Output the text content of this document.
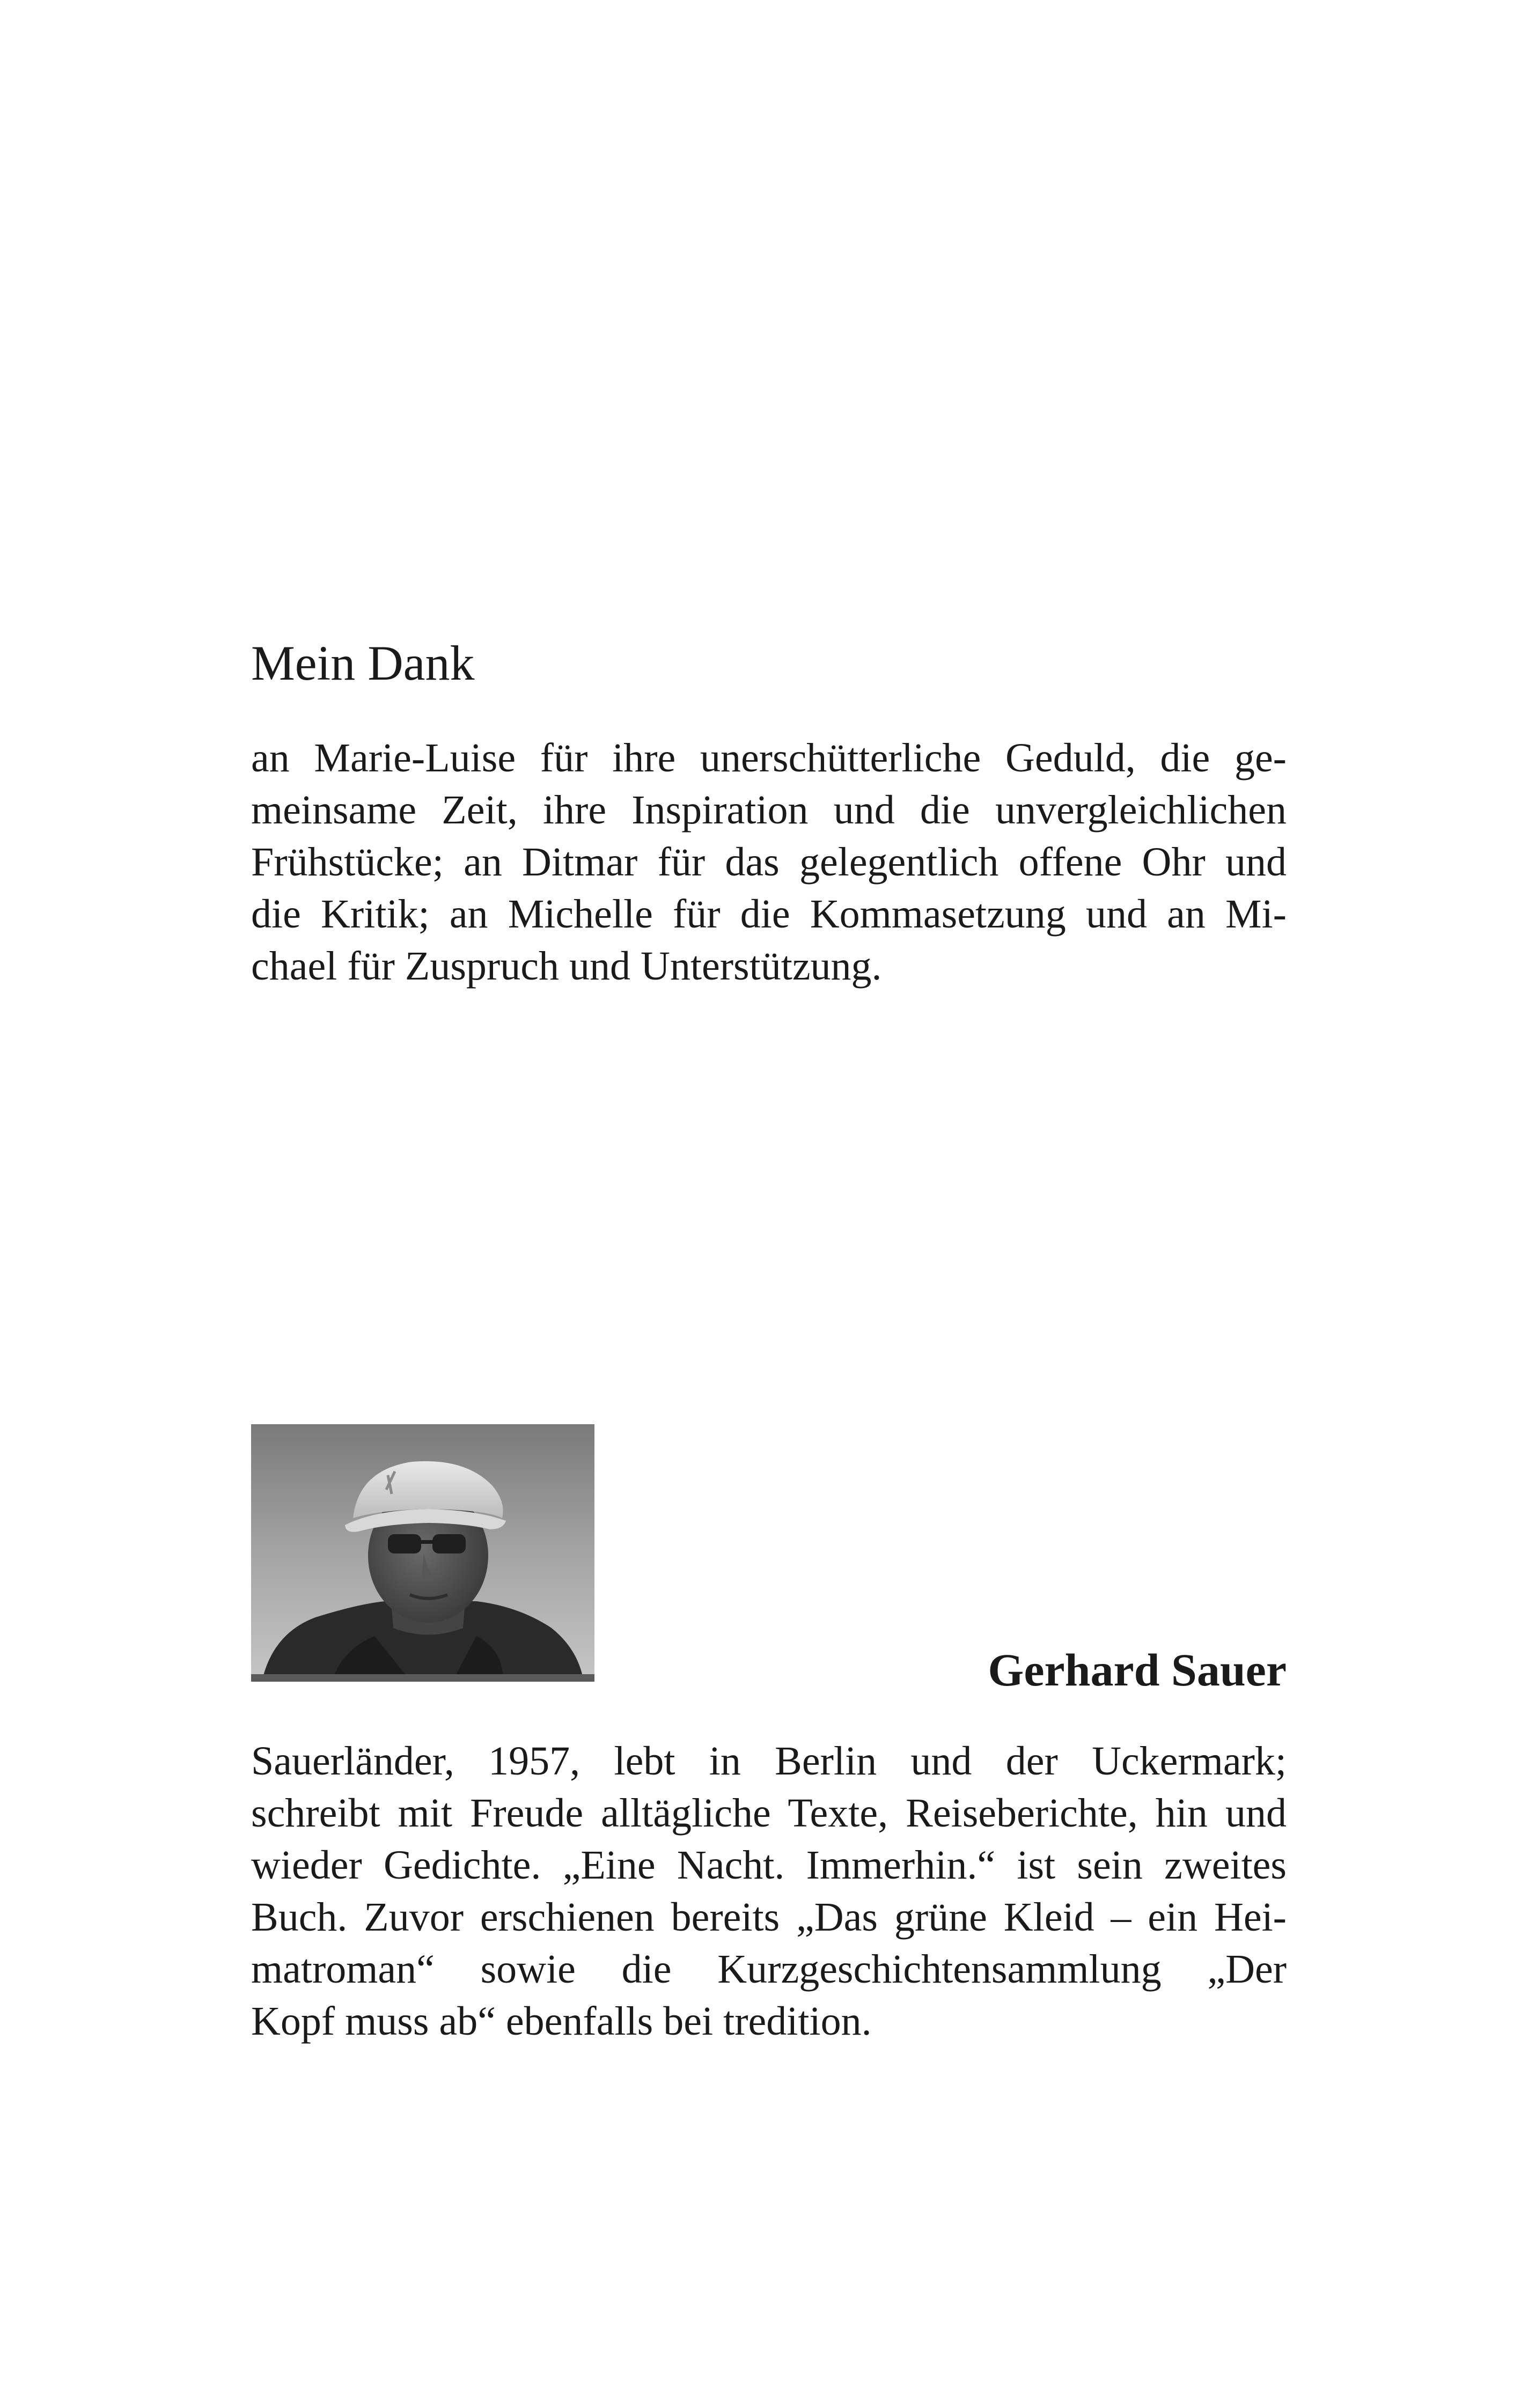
Mein Dank
an Marie-Luise für ihre unerschütterliche Geduld, die ge-
meinsame Zeit, ihre Inspiration und die unvergleichlichen
Frühstücke; an Ditmar für das gelegentlich offene Ohr und
die Kritik; an Michelle für die Kommasetzung und an Mi-
chael für Zuspruch und Unterstützung.
Gerhard Sauer
Sauerländer, 1957, lebt in Berlin und der Uckermark;
schreibt mit Freude alltägliche Texte, Reiseberichte, hin und
wieder Gedichte. „Eine Nacht. Immerhin.“ ist sein zweites
Buch. Zuvor erschienen bereits „Das grüne Kleid – ein Hei-
matroman“ sowie die Kurzgeschichtensammlung „Der
Kopf muss ab“ ebenfalls bei tredition.
